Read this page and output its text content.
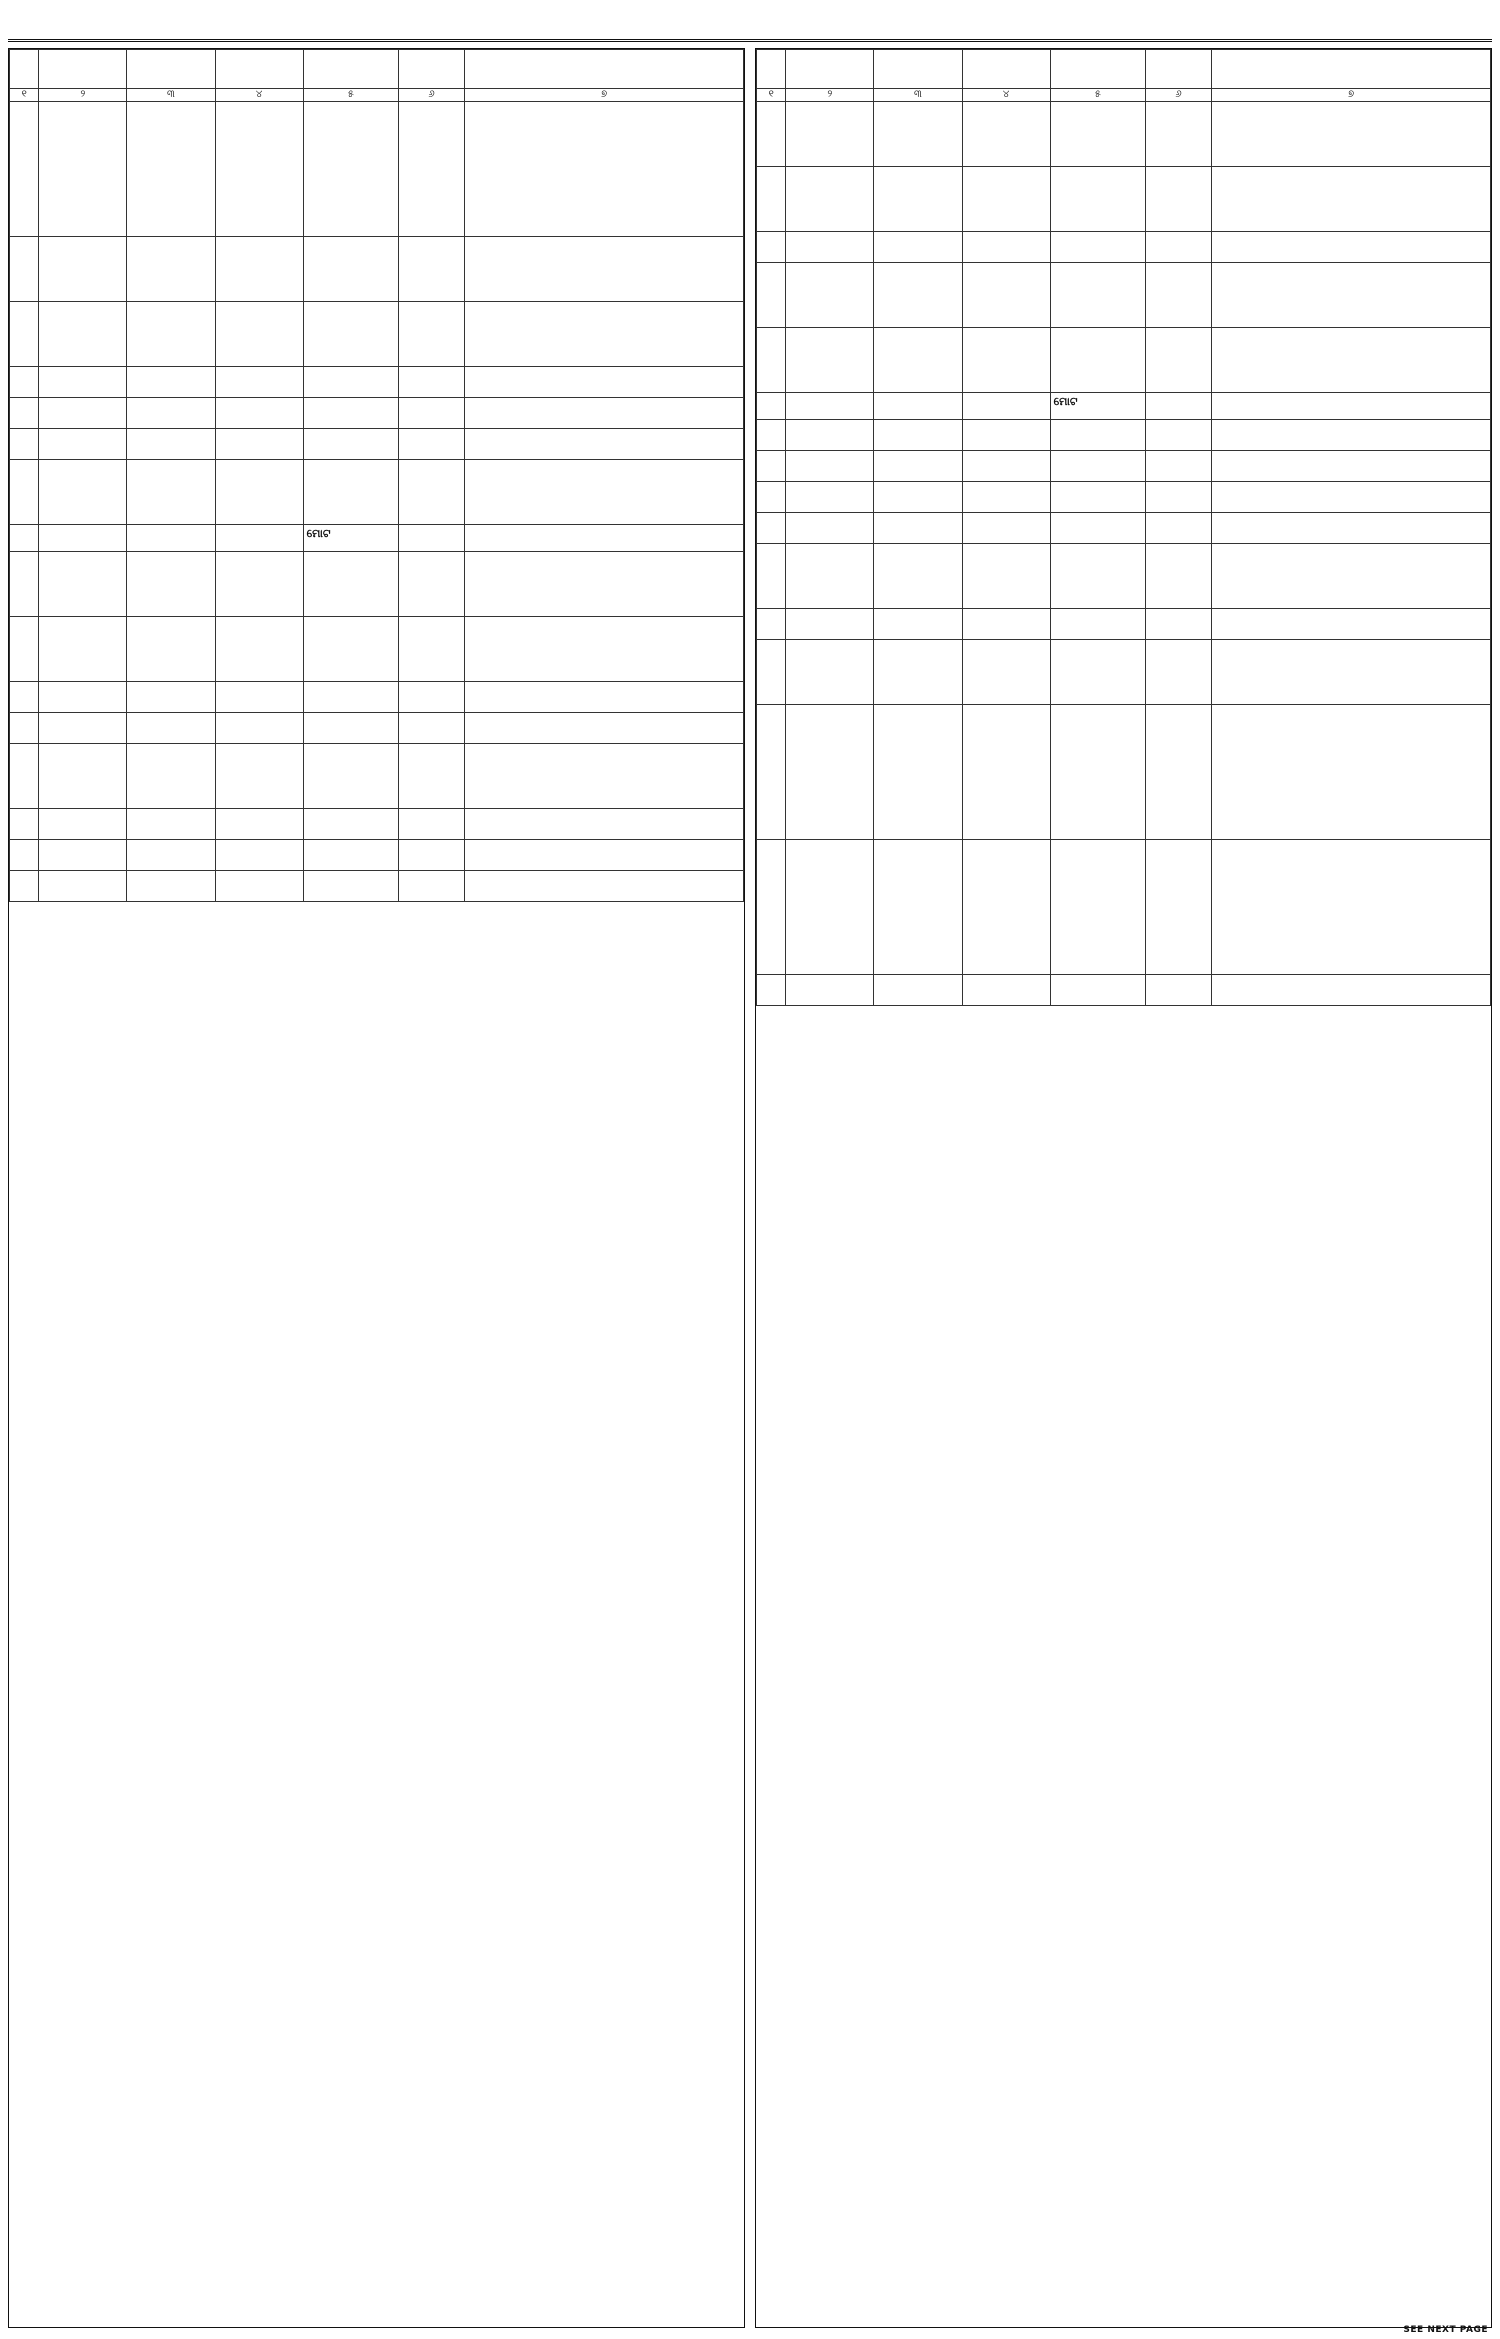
୧	୨	୩	୪	୫	୬	୭

				ମୋଟ		

୧	୨	୩	୪	୫	୬	୭

				ମୋଟ		

SEE NEXT PAGE
